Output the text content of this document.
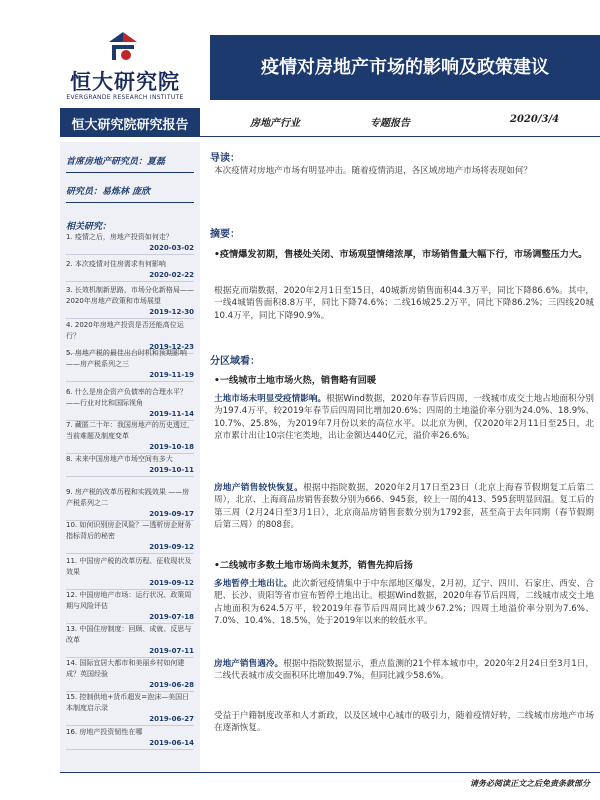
恒大研究院
EVERGRANDE RESEARCH INSTITUTE
疫情对房地产市场的影响及政策建议
恒大研究院研究报告	房地产行业	专题报告	2020/3/4
首席房地产研究员：夏磊
研究员：易炼林 庞欣
相关研究：
1. 疫情之后，房地产投资如何走？
2020-03-02
2. 本次疫情对住房需求有何影响
2020-02-22
3. 长效机制新思路，市场分化新格局——2020年房地产政策和市场展望
2019-12-30
4. 2020年房地产投资是否还能高位运行？
2019-12-23
5. 房地产税的最佳出台时机和预期影响 ——房产税系列之三
2019-11-19
6. 什么是房企资产负债率的合理水平？——行业对比和国际视角
2019-11-14
7. 藏匿二十年：我国房地产的历史透过，当前难题及制度变革
2019-10-18
8. 未来中国房地产市场空间有多大
2019-10-11
9. 房产税的改革历程和实践效果 ——房产税系列之二
2019-09-17
10. 如何识别房企风险？—透析房企财务指标背后的秘密
2019-09-12
11. 中国房产税的改革历程、征收现状及效果
2019-09-12
12. 中国房地产市场：运行状况、政策周期与风险评估
2019-07-18
13. 中国住房制度：回顾、成就、反思与改革
2019-07-11
14. 国际宜居大都市和美丽乡村如何建成？英国经验
2019-06-28
15. 控制供地+货币超发=泡沫—美国日本制度启示录
2019-06-27
16. 房地产投资韧性在哪
2019-06-14
导读：
本次疫情对房地产市场有明显冲击。随着疫情消退，各区域房地产市场将表现如何？
摘要：
•疫情爆发初期，售楼处关闭、市场观望情绪浓厚，市场销售量大幅下行，市场调整压力大。
根据克而瑞数据，2020年2月1日至15日，40城新房销售面积44.3万平，同比下降86.6%。其中，一线4城销售面积8.8万平，同比下降74.6%；二线16城25.2万平，同比下降86.2%；三四线20城10.4万平，同比下降90.9%。
分区域看：
•一线城市土地市场火热，销售略有回暖
土地市场未明显受疫情影响。根据Wind数据，2020年春节后四周，一线城市成交土地占地面积分别为197.4万平，较2019年春节后四周同比增加20.6%；四周的土地溢价率分别为24.0%、18.9%、10.7%、25.8%，为2019年7月份以来的高位水平。以北京为例，仅2020年2月11日至25日，北京市累计出让10宗住宅类地，出让金额达440亿元，溢价率26.6%。
房地产销售较快恢复。根据中指院数据，2020年2月17日至23日（北京上海春节假期复工后第二周），北京、上海商品房销售套数分别为666、945套，较上一周的413、595套明显回温。复工后的第三周（2月24日至3月1日），北京商品房销售套数分别为1792套，甚至高于去年同期（春节假期后第三周）的808套。
•二线城市多数土地市场尚未复苏，销售先抑后扬
多地暂停土地出让。此次新冠疫情集中于中东部地区爆发，2月初，辽宁、四川、石家庄、西安、合肥、长沙、贵阳等省市宣布暂停土地出让。根据Wind数据，2020年春节后四周，二线城市成交土地占地面积为624.5万平，较2019年春节后四周同比减少67.2%；四周土地溢价率分别为7.6%、7.0%、10.4%、18.5%，处于2019年以来的较低水平。
房地产销售遇冷。根据中指院数据显示，重点监测的21个样本城市中，2020年2月24日至3月1日，二线代表城市成交面积环比增加49.7%，但同比减少58.6%。
受益于户籍制度改革和人才新政，以及区域中心城市的吸引力，随着疫情好转，二线城市房地产市场在逐渐恢复。
请务必阅读正文之后免责条款部分
